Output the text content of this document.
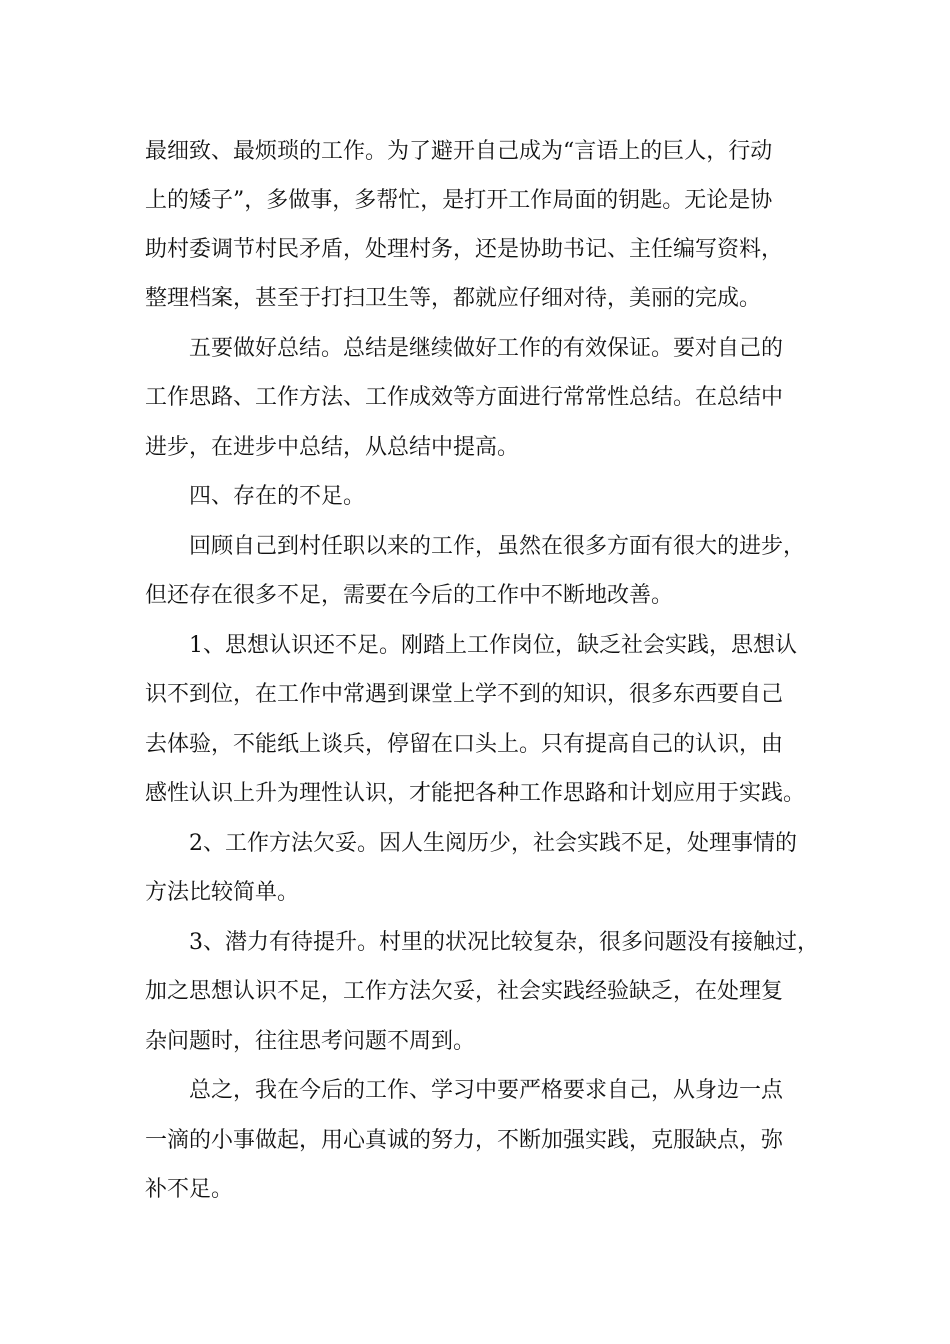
最细致、最烦琐的工作。为了避开自己成为“言语上的巨人，行动
上的矮子”，多做事，多帮忙，是打开工作局面的钥匙。无论是协
助村委调节村民矛盾，处理村务，还是协助书记、主任编写资料，
整理档案，甚至于打扫卫生等，都就应仔细对待，美丽的完成。
五要做好总结。总结是继续做好工作的有效保证。要对自己的
工作思路、工作方法、工作成效等方面进行常常性总结。在总结中
进步，在进步中总结，从总结中提高。
四、存在的不足。
回顾自己到村任职以来的工作，虽然在很多方面有很大的进步，
但还存在很多不足，需要在今后的工作中不断地改善。
1、思想认识还不足。刚踏上工作岗位，缺乏社会实践，思想认
识不到位，在工作中常遇到课堂上学不到的知识，很多东西要自己
去体验，不能纸上谈兵，停留在口头上。只有提高自己的认识，由
感性认识上升为理性认识，才能把各种工作思路和计划应用于实践。
2、工作方法欠妥。因人生阅历少，社会实践不足，处理事情的
方法比较简单。
3、潜力有待提升。村里的状况比较复杂，很多问题没有接触过，
加之思想认识不足，工作方法欠妥，社会实践经验缺乏，在处理复
杂问题时，往往思考问题不周到。
总之，我在今后的工作、学习中要严格要求自己，从身边一点
一滴的小事做起，用心真诚的努力，不断加强实践，克服缺点，弥
补不足。
